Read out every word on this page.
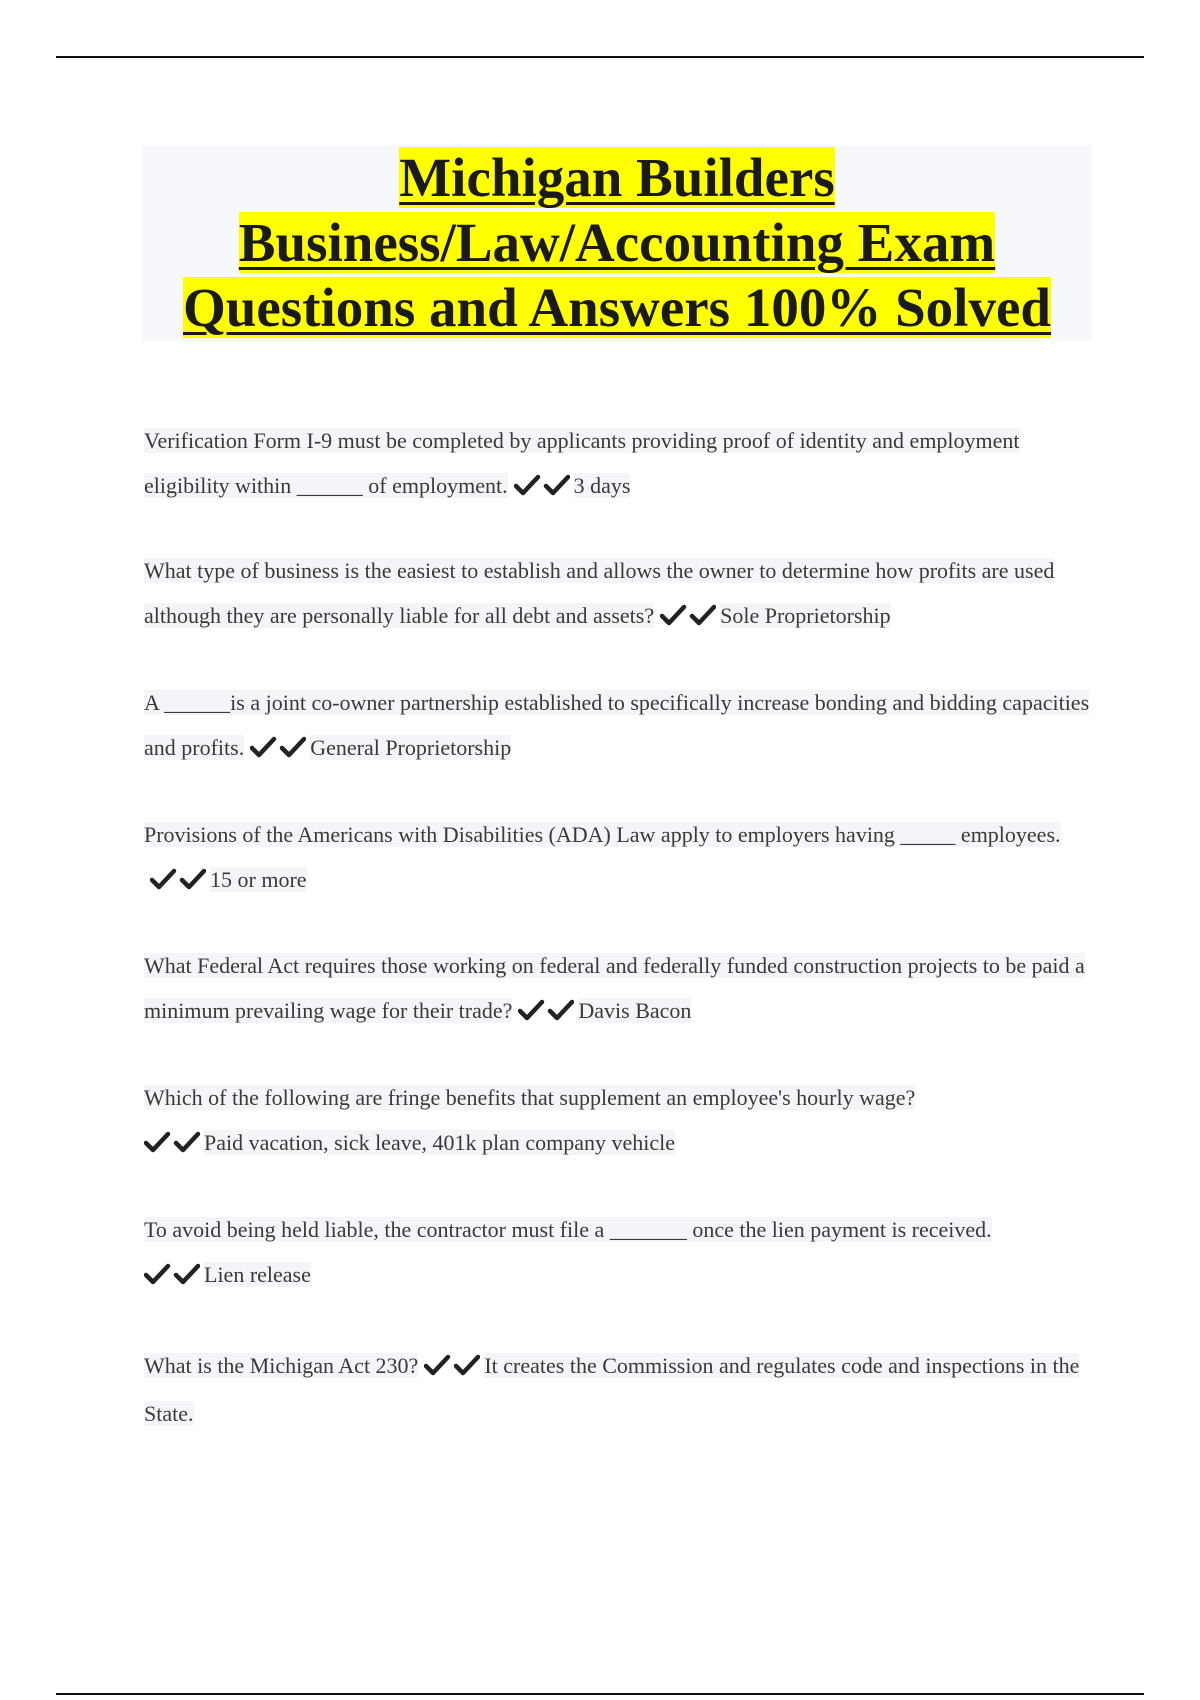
Michigan Builders
Business/Law/Accounting Exam
Questions and Answers 100% Solved

Verification Form I-9 must be completed by applicants providing proof of identity and employment eligibility within ______ of employment.	3 days

What type of business is the easiest to establish and allows the owner to determine how profits are used although they are personally liable for all debt and assets?	Sole Proprietorship

A ______is a joint co-owner partnership established to specifically increase bonding and bidding capacities and profits.	General Proprietorship

Provisions of the Americans with Disabilities (ADA) Law apply to employers having _____ employees.15 or more

What Federal Act requires those working on federal and federally funded construction projects to be paid a minimum prevailing wage for their trade?	Davis Bacon

Which of the following are fringe benefits that supplement an employee's hourly wage?
Paid vacation, sick leave, 401k plan company vehicle

To avoid being held liable, the contractor must file a _______ once the lien payment is received.
Lien release

What is the Michigan Act 230?	It creates the Commission and regulates code and inspections in the State.
